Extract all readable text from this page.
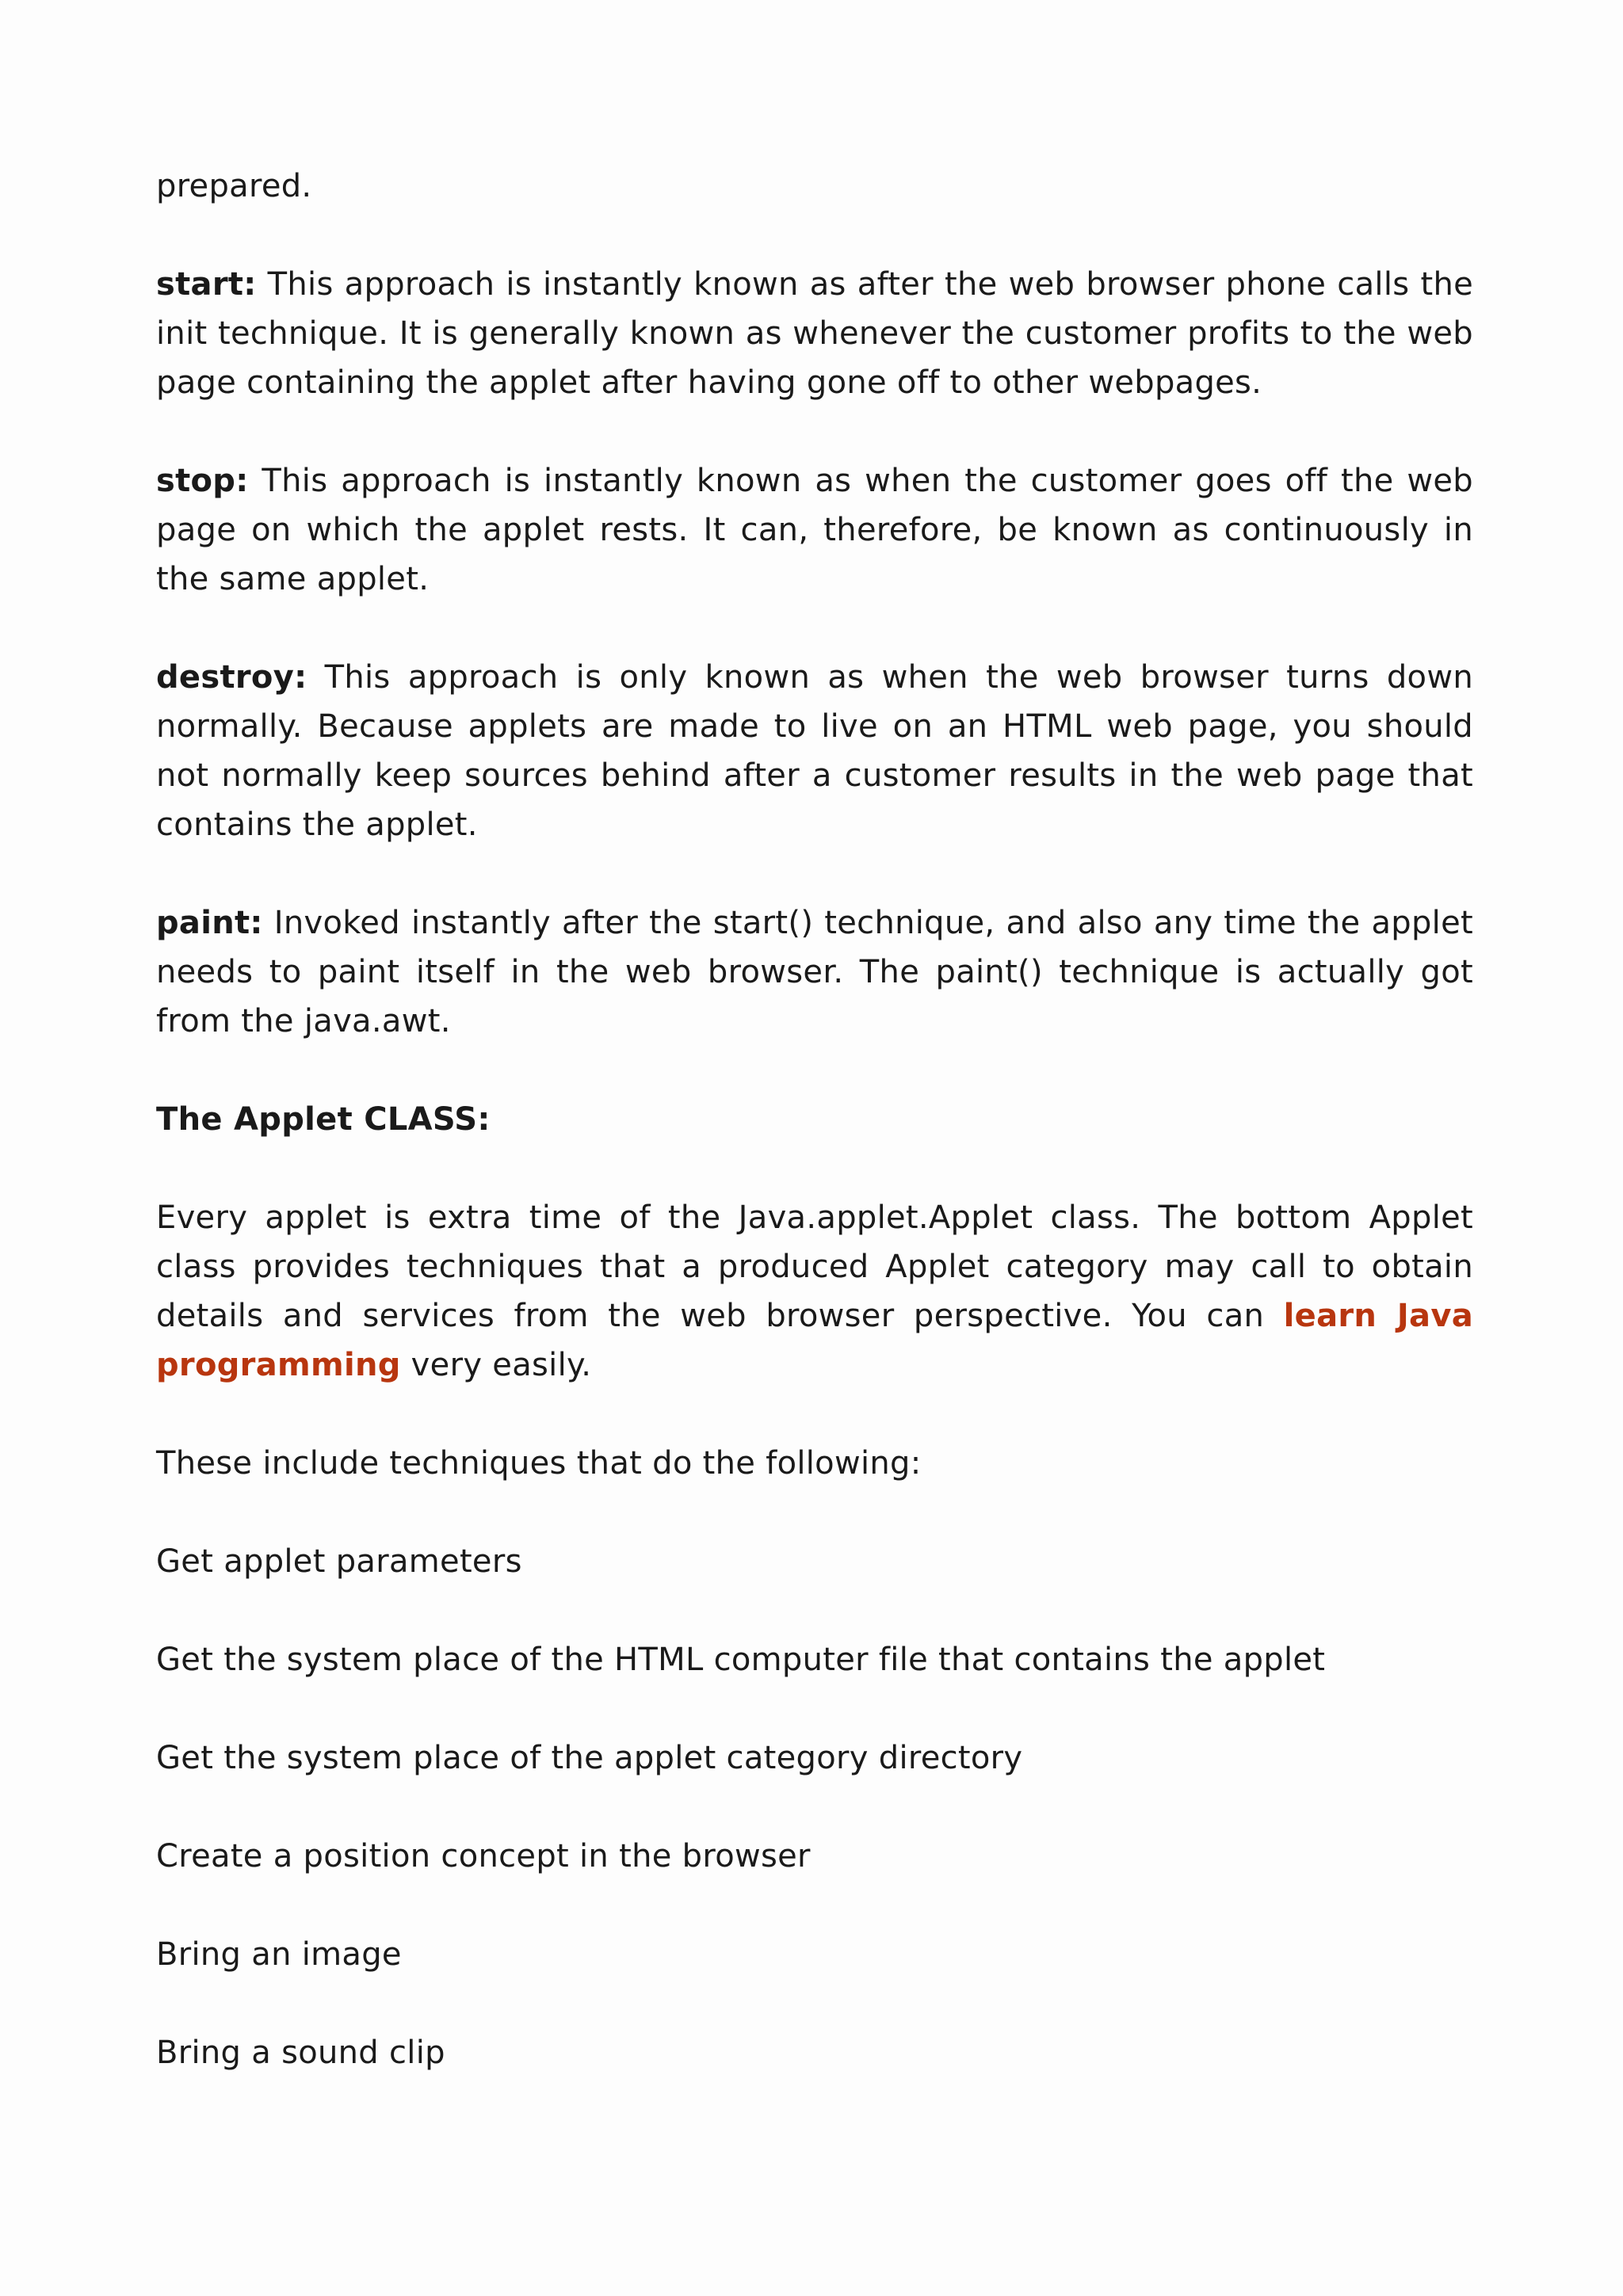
prepared.

start: This approach is instantly known as after the web browser phone calls the init technique. It is generally known as whenever the customer profits to the web page containing the applet after having gone off to other webpages.

stop: This approach is instantly known as when the customer goes off the web page on which the applet rests. It can, therefore, be known as continuously in the same applet.

destroy: This approach is only known as when the web browser turns down normally. Because applets are made to live on an HTML web page, you should not normally keep sources behind after a customer results in the web page that contains the applet.

paint: Invoked instantly after the start() technique, and also any time the applet needs to paint itself in the web browser. The paint() technique is actually got from the java.awt.

The Applet CLASS:

Every applet is extra time of the Java.applet.Applet class. The bottom Applet class provides techniques that a produced Applet category may call to obtain details and services from the web browser perspective. You can learn Java programming very easily.

These include techniques that do the following:

Get applet parameters

Get the system place of the HTML computer file that contains the applet

Get the system place of the applet category directory

Create a position concept in the browser

Bring an image

Bring a sound clip
